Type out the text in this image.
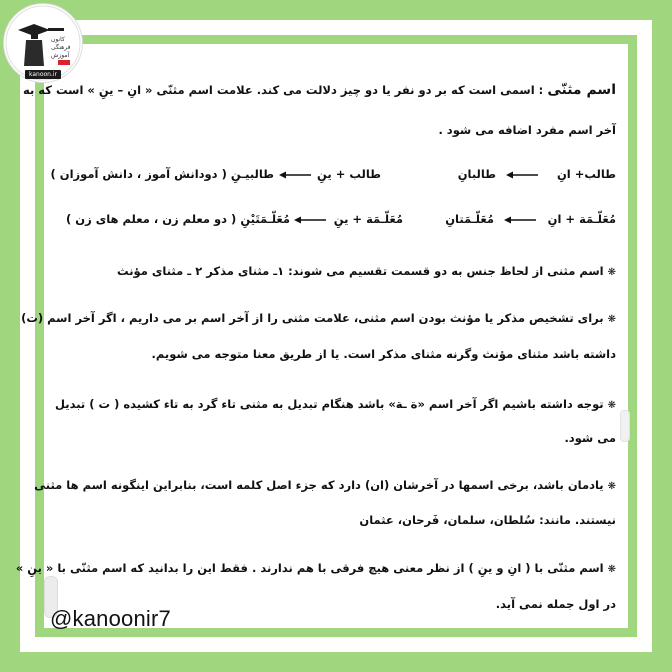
کانون
فرهنگی
آموزش
kanoon.ir
اسم مثنّی : اسمی است که بر دو نفر یا دو چیز دلالت می کند. علامت اسم مثنّی « انِ – ینِ » است که به
آخر اسم مفرد اضافه می شود .
طالب+ انِ
طالبانِ
طالب + ینِ
طالبیـنِ ( دودانش آموز ، دانش آموزان )
مُعَلّـمَة + انِ
مُعَلّـمَتانِ
مُعَلّـمَة + ینِ
مُعَلّـمَتَیْنِ ( دو معلم زن ، معلم های زن )
❋اسم مثنی از لحاظ جنس به دو قسمت تقسیم می شوند: ١ـ مثنای مذکر ٢ ـ مثنای مؤنث
❋برای تشخیص مذکر یا مؤنث بودن اسم مثنی، علامت مثنی را از آخر اسم بر می داریم ، اگر آخر اسم (ت)
داشته باشد مثنای مؤنث وگرنه مثنای مذکر است. یا از طریق معنا متوجه می شویم.
❋توجه داشته باشیم اگر آخر اسم «ة ـة» باشد هنگام تبدیل به مثنی تاء گرد به تاء کشیده ( ت ) تبدیل
می شود.
❋یادمان باشد، برخی اسمها در آخرشان (ان) دارد که جزء اصل کلمه است، بنابراین اینگونه اسم ها مثنی
نیستند. مانند: سُلطان، سلمان، فَرحان، عثمان
❋اسم مثنّی با ( انِ و ینِ ) از نظر معنی هیچ فرقی با هم ندارند . فقط این را بدانید که اسم مثنّی با « ینِ »
در اول جمله نمی آید.
@kanoonir7
